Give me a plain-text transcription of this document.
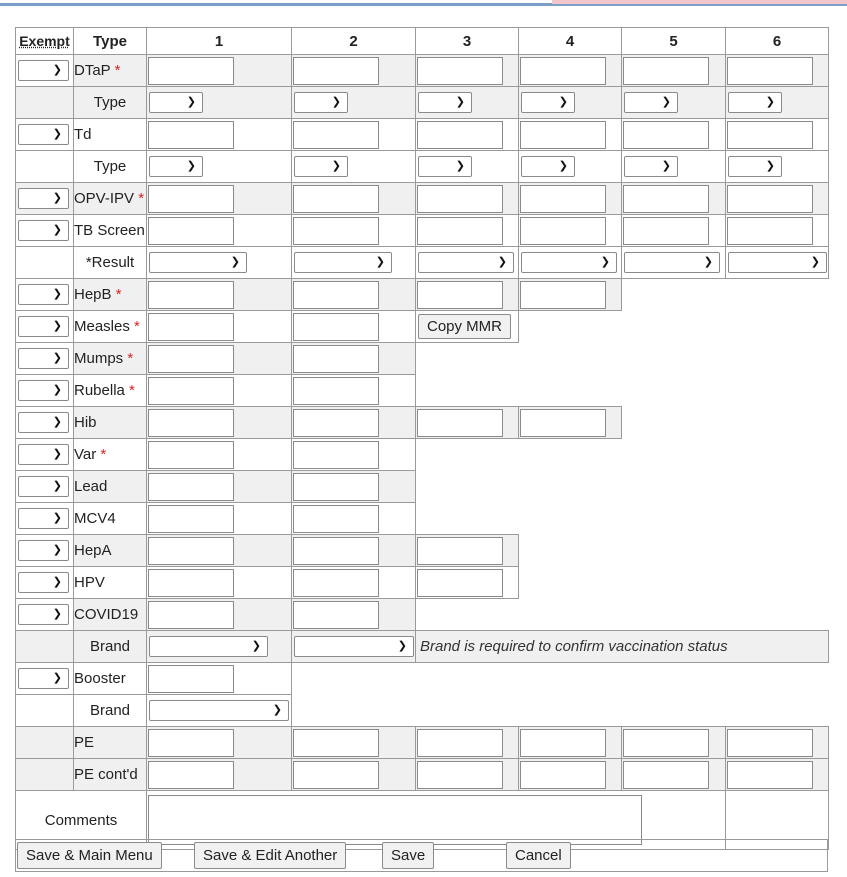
Exempt	Type	1	2	3	4	5	6

❯	DTaP *	

	Type	❯	❯	❯	❯	❯	❯

❯	Td	

	Type	❯	❯	❯	❯	❯	❯

❯	OPV-IPV *	

❯	TB Screen	

	*Result	❯	❯	❯	❯	❯	❯

❯	HepB *		

❯	Measles *			Copy MMR			

❯	Mumps *				

❯	Rubella *				

❯	Hib		

❯	Var *				

❯	Lead				

❯	MCV4				

❯	HepA			

❯	HPV			

❯	COVID19				

	Brand	❯	❯	Brand is required to confirm vaccination status			

❯	Booster					

	Brand	❯					

	PE	

	PE cont'd	

Comments						

Save & Main Menu	Save & Edit Another	Save	Cancel
